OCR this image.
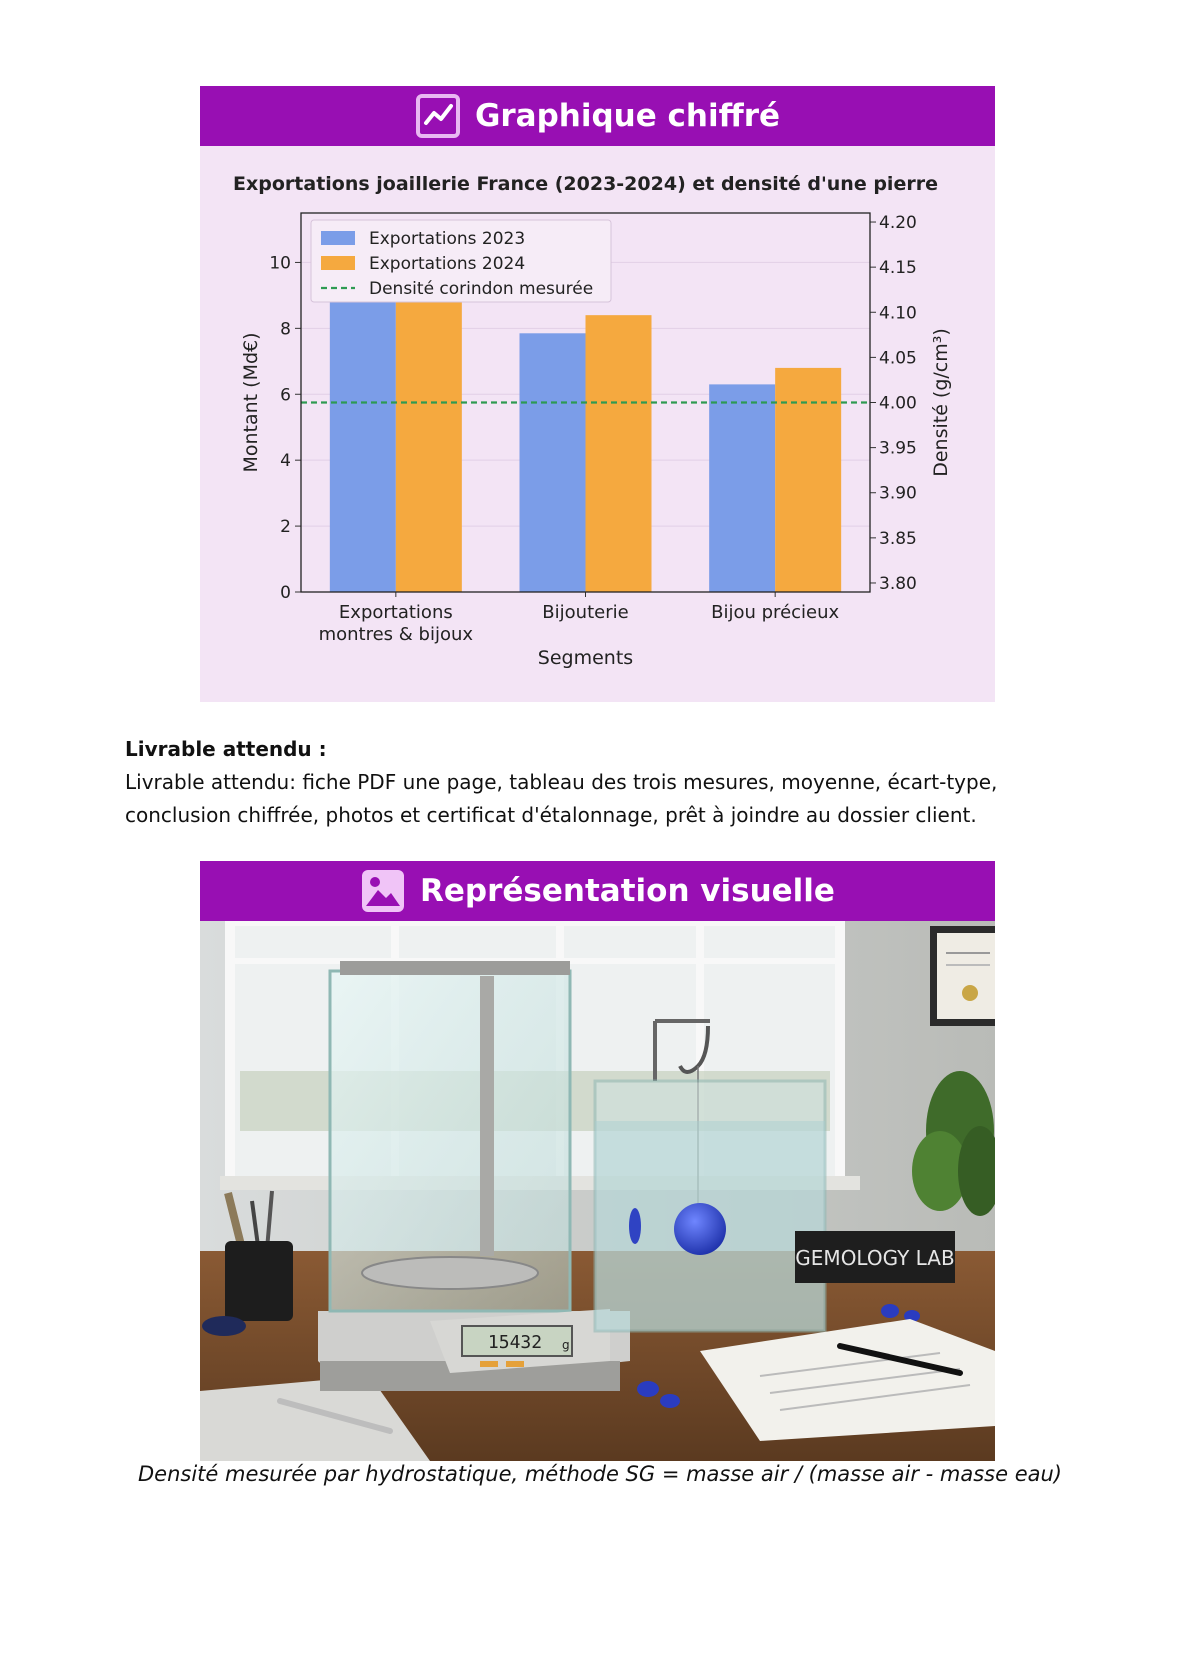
Graphique chiffré
Exportations joaillerie France (2023-2024) et densité d'une pierre
0
2
4
6
8
10
3.80
3.85
3.90
3.95
4.00
4.05
4.10
4.15
4.20
Exportations
montres & bijoux
Bijouterie	Bijou précieux
Segments
Montant (Md€)	Densité (g/cm³)
Exportations 2023
Exportations 2024
Densité corindon mesurée
Livrable attendu :
Livrable attendu: fiche PDF une page, tableau des trois mesures, moyenne, écart-type, conclusion chiffrée, photos et certificat d'étalonnage, prêt à joindre au dossier client.
Représentation visuelle
15432 g
GEMOLOGY LAB
Densité mesurée par hydrostatique, méthode SG = masse air / (masse air - masse eau)
